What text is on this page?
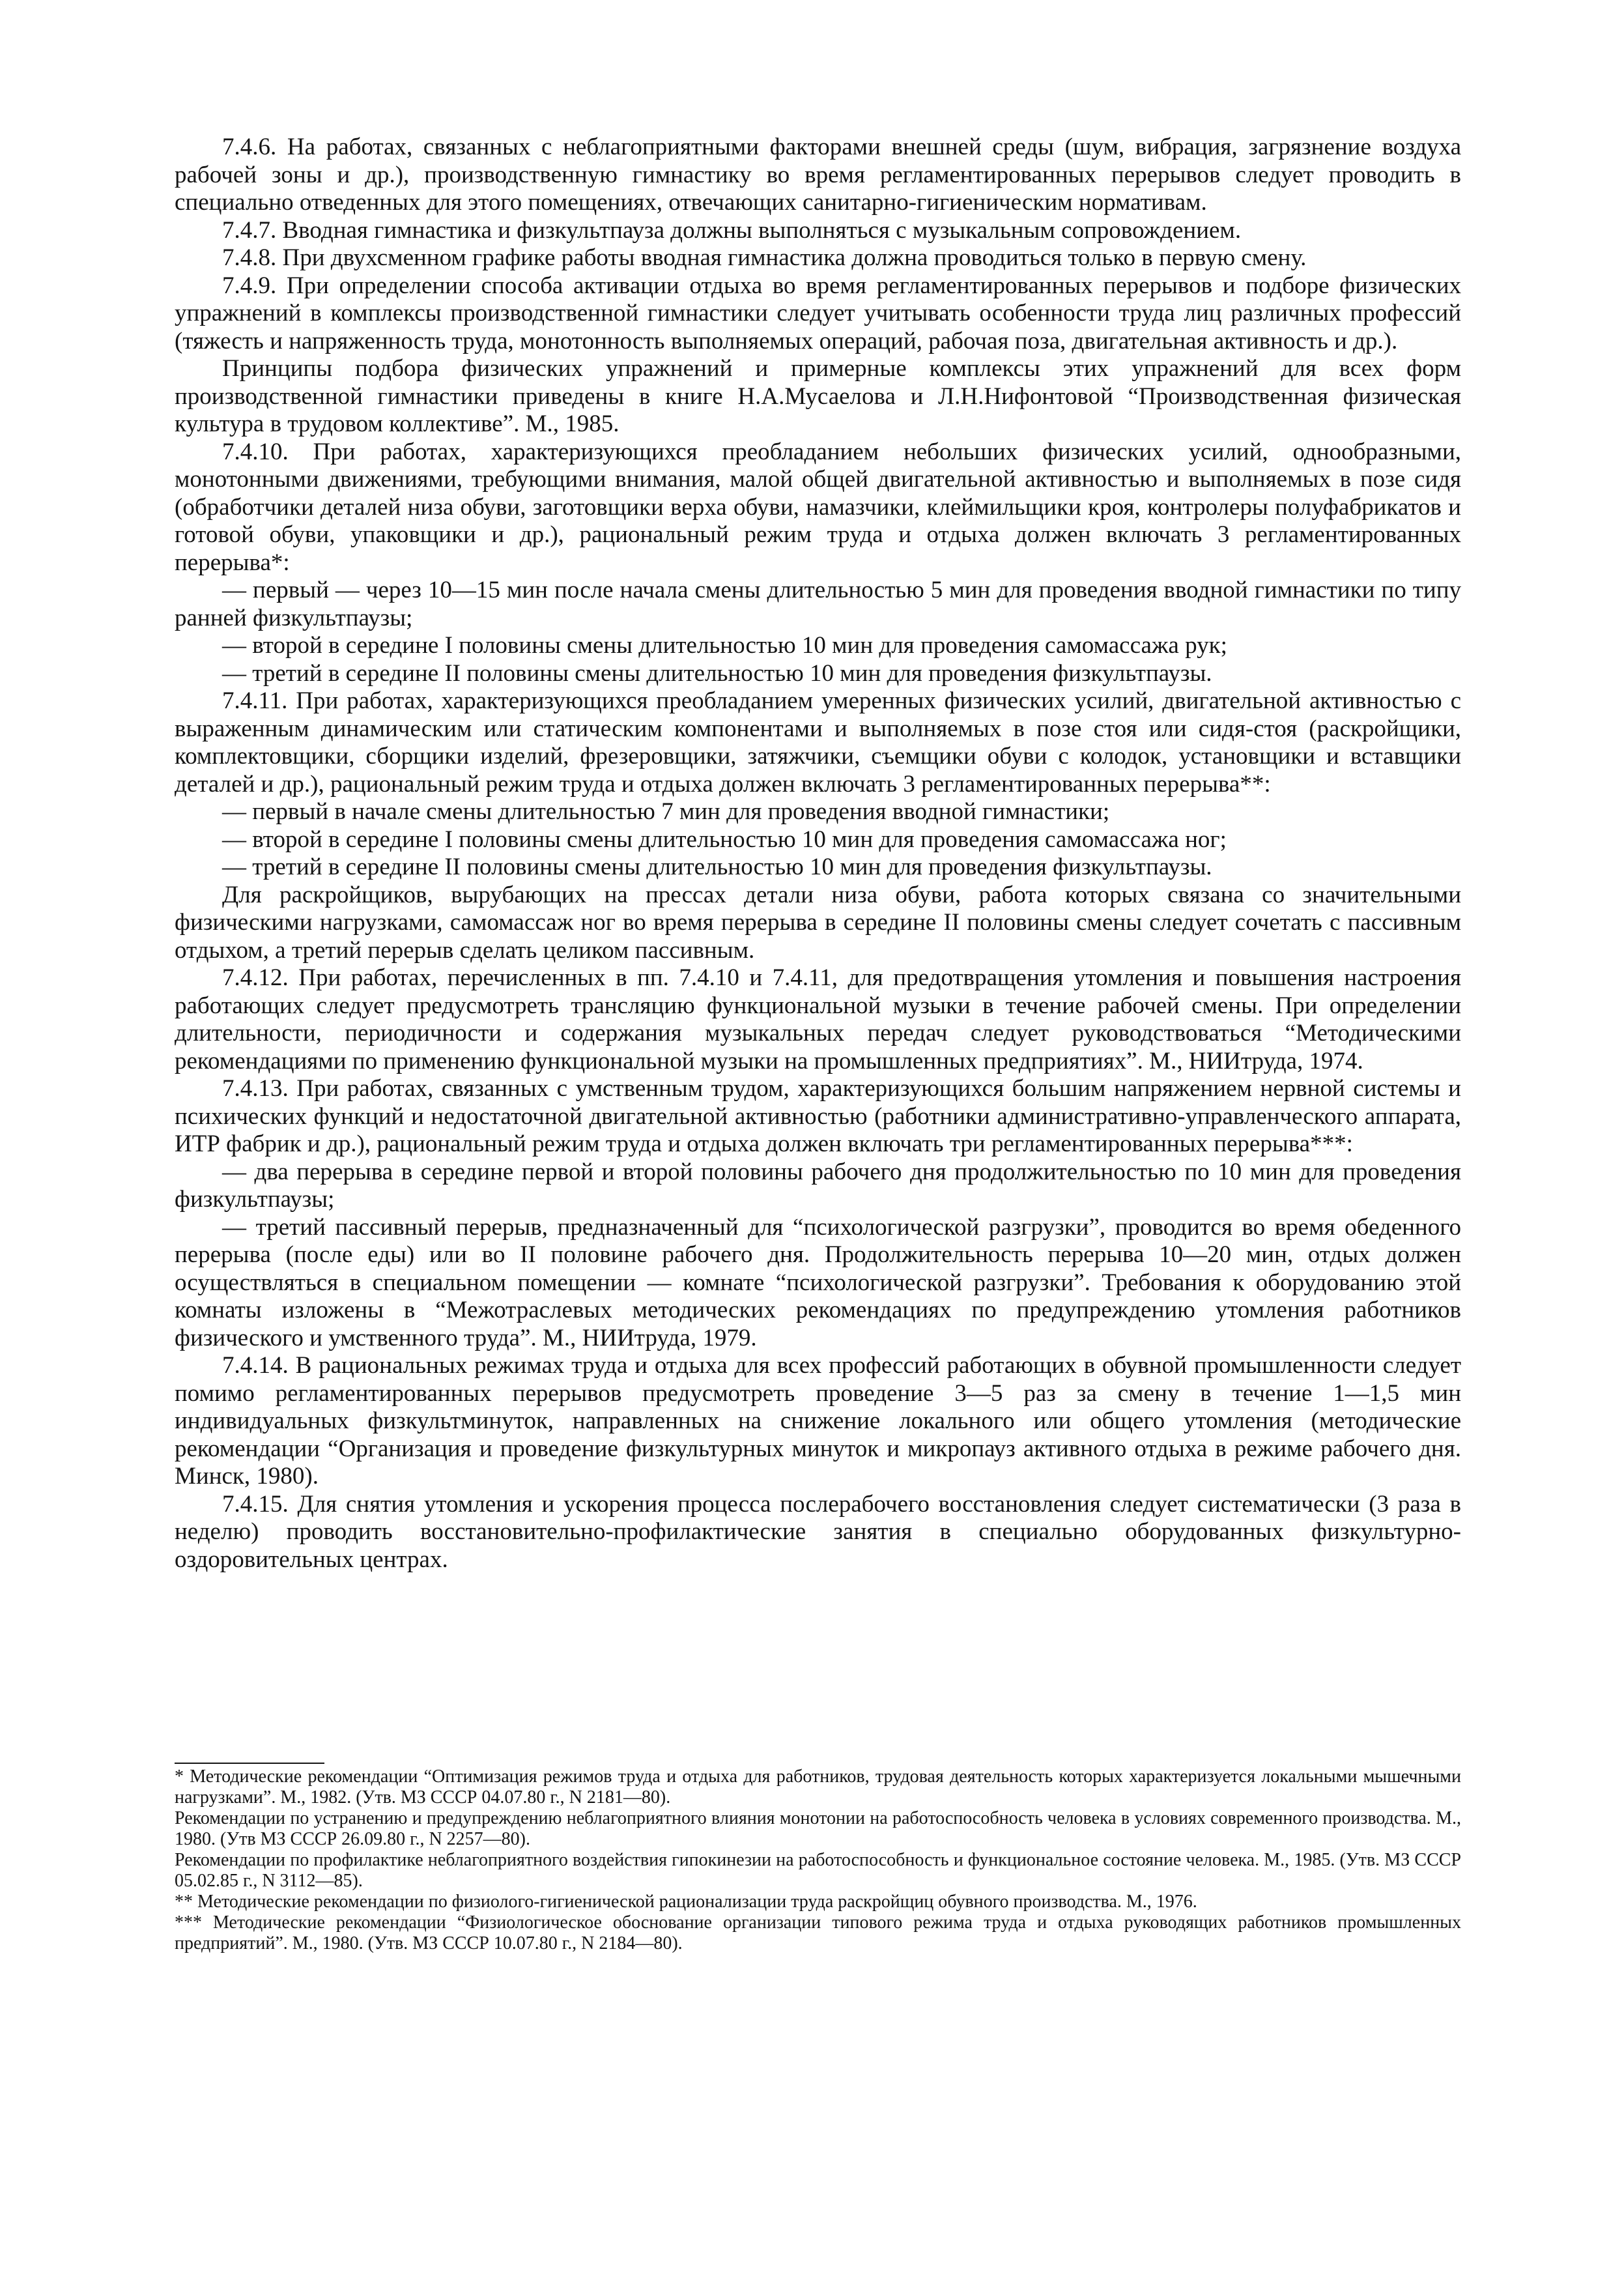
7.4.6. На работах, связанных с неблагоприятными факторами внешней среды (шум, вибрация, загрязнение воздуха рабочей зоны и др.), производственную гимнастику во время регламентированных перерывов следует проводить в специально отведенных для этого помещениях, отвечающих санитарно-гигиеническим нормативам.

7.4.7. Вводная гимнастика и физкультпауза должны выполняться с музыкальным сопровождением.

7.4.8. При двухсменном графике работы вводная гимнастика должна проводиться только в первую смену.

7.4.9. При определении способа активации отдыха во время регламентированных перерывов и подборе физических упражнений в комплексы производственной гимнастики следует учитывать особенности труда лиц различных профессий (тяжесть и напряженность труда, монотонность выполняемых операций, рабочая поза, двигательная активность и др.).

Принципы подбора физических упражнений и примерные комплексы этих упражнений для всех форм производственной гимнастики приведены в книге Н.А.Мусаелова и Л.Н.Нифонтовой “Производственная физическая культура в трудовом коллективе”. М., 1985.

7.4.10. При работах, характеризующихся преобладанием небольших физических усилий, однообразными, монотонными движениями, требующими внимания, малой общей двигательной активностью и выполняемых в позе сидя (обработчики деталей низа обуви, заготовщики верха обуви, намазчики, клеймильщики кроя, контролеры полуфабрикатов и готовой обуви, упаковщики и др.), рациональный режим труда и отдыха должен включать 3 регламентированных перерыва*:

— первый — через 10—15 мин после начала смены длительностью 5 мин для проведения вводной гимнастики по типу ранней физкультпаузы;

— второй в середине I половины смены длительностью 10 мин для проведения самомассажа рук;

— третий в середине II половины смены длительностью 10 мин для проведения физкультпаузы.

7.4.11. При работах, характеризующихся преобладанием умеренных физических усилий, двигательной активностью с выраженным динамическим или статическим компонентами и выполняемых в позе стоя или сидя-стоя (раскройщики, комплектовщики, сборщики изделий, фрезеровщики, затяжчики, съемщики обуви с колодок, установщики и вставщики деталей и др.), рациональный режим труда и отдыха должен включать 3 регламентированных перерыва**:

— первый в начале смены длительностью 7 мин для проведения вводной гимнастики;

— второй в середине I половины смены длительностью 10 мин для проведения самомассажа ног;

— третий в середине II половины смены длительностью 10 мин для проведения физкультпаузы.

Для раскройщиков, вырубающих на прессах детали низа обуви, работа которых связана со значительными физическими нагрузками, самомассаж ног во время перерыва в середине II половины смены следует сочетать с пассивным отдыхом, а третий перерыв сделать целиком пассивным.

7.4.12. При работах, перечисленных в пп. 7.4.10 и 7.4.11, для предотвращения утомления и повышения настроения работающих следует предусмотреть трансляцию функциональной музыки в течение рабочей смены. При определении длительности, периодичности и содержания музыкальных передач следует руководствоваться “Методическими рекомендациями по применению функциональной музыки на промышленных предприятиях”. М., НИИтруда, 1974.

7.4.13. При работах, связанных с умственным трудом, характеризующихся большим напряжением нервной системы и психических функций и недостаточной двигательной активностью (работники административно-управленческого аппарата, ИТР фабрик и др.), рациональный режим труда и отдыха должен включать три регламентированных перерыва***:

— два перерыва в середине первой и второй половины рабочего дня продолжительностью по 10 мин для проведения физкультпаузы;

— третий пассивный перерыв, предназначенный для “психологической разгрузки”, проводится во время обеденного перерыва (после еды) или во II половине рабочего дня. Продолжительность перерыва 10—20 мин, отдых должен осуществляться в специальном помещении — комнате “психологической разгрузки”. Требования к оборудованию этой комнаты изложены в “Межотраслевых методических рекомендациях по предупреждению утомления работников физического и умственного труда”. М., НИИтруда, 1979.

7.4.14. В рациональных режимах труда и отдыха для всех профессий работающих в обувной промышленности следует помимо регламентированных перерывов предусмотреть проведение 3—5 раз за смену в течение 1—1,5 мин индивидуальных физкультминуток, направленных на снижение локального или общего утомления (методические рекомендации “Организация и проведение физкультурных минуток и микропауз активного отдыха в режиме рабочего дня. Минск, 1980).

7.4.15. Для снятия утомления и ускорения процесса послерабочего восстановления следует систематически (3 раза в неделю) проводить восстановительно-профилактические занятия в специально оборудованных физкультурно-оздоровительных центрах.

* Методические рекомендации “Оптимизация режимов труда и отдыха для работников, трудовая деятельность которых характеризуется локальными мышечными нагрузками”. М., 1982. (Утв. МЗ СССР 04.07.80 г., N 2181—80).

Рекомендации по устранению и предупреждению неблагоприятного влияния монотонии на работоспособность человека в условиях современного производства. М., 1980. (Утв МЗ СССР 26.09.80 г., N 2257—80).

Рекомендации по профилактике неблагоприятного воздействия гипокинезии на работоспособность и функциональное состояние человека. М., 1985. (Утв. МЗ СССР 05.02.85 г., N 3112—85).

** Методические рекомендации по физиолого-гигиенической рационализации труда раскройщиц обувного производства. М., 1976.

*** Методические рекомендации “Физиологическое обоснование организации типового режима труда и отдыха руководящих работников промышленных предприятий”. М., 1980. (Утв. МЗ СССР 10.07.80 г., N 2184—80).
